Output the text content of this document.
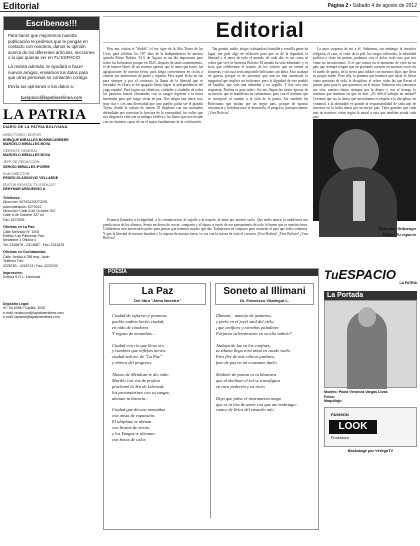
Editorial	Página 2 • Sábado 4 de agosto de 2012
Escríbenos!!!

Para hacer que mejoremos nuestra publicación te pedimos que te pongas en contacto con nosotros, danos tu opinión acerca de los diferentes artículos, secciones o lo que quieras ver en TU ESPACIO.

La revista además, te ayudará a hacer nuevos amigos, enviamos tus datos para que otras personas se contacten contigo.

Envía tus opiniones o tus datos a:

tuespacio@lapatriaenlinea.com
LA PATRIA
DIARIO DE LA PATRIA BOLIVIANA
DIRECTORIO / EDITOR
ENRIQUE MIRALLES BONNECARRERE
MARCELO MIRALLES BOVA
GERENTE GENERAL
MARCELO MIRALLES BOVA
JEFE DE REDACCIÓN
SERGIO MIRALLES IPORRE
SUB-DIRECTOR
PEDRO GLASINOVIC VELLARDE
EDITOR REVISTA "TU ESPACIO"
DEHYMAR ARDUENGO A.
Teléfonos:
Dirección: 5279242/5273291
Administración: 5279242
Dirección: Calle 6 de Octubre 337
Calle 6 de Octubre 337 #4
Fax: 5279255
Oficinas en La Paz:
Calle Mercado N° 1003
Edificio Las Palmeras Piso
Mezanine 1 Oficina 4
Tel: 2316878 - 2314687 - Fax: 2311878
Oficinas en Cochabamba:
Calle Jordán # 286 esq. Junín
Teléfono Fax:
4228783 - 4226713 / Fax: 4223700
Impresores:
Editora S.R.L. Larricada
Depósito Legal:
N°: 04-0096 / Casilla: 1026
e-mail: redaccion@lapatriaenlinea.com
e-mail: lapatria@lapatriaenlinea.com
Editorial

Hoy nos visitan el "diablo", el rey tigre de la Alta Tierra de las Uvas, para celebrar los 187 años de la Independencia de nuestra querida Patria Bolivia. El 6 de Agosto es un día importante para todos los bolivianos porque en 1825, después de tanta sometimiento, el de fuimos libres de un sistema opresor que le tenía que hacer, las agrupaciones de nuestra tierra, para luego convertirnos en ciclos a ventear sus ambiciones de poder y riqueza. Pero aquel lecho no fue para siempre y por el contrario, la llama de la libertad que se encendió en Oruro se ha apagado hasta lograr la independencia del yugo español. Para lograr sus objetivos, ciudades y ciudades de todos los patriotas fueron ofrendadas con su sangre regresan a la tierra heredadas para que luego vivan en paz. Nos alegra una tierra rica, muy rica y con una diversidad que otro pueblo podía ser el planeta Tierra, donde la cultura de fuerza. El altiplano con sus montañas defendidas nos conectan la frescura de la comunidad, los valles que nos alegran la vida con su milagro fértiles y los llanos que nos invade con un cimiento capaz de ser el mejor fundamento de la civilización.

Tan grande, noble, alegre, trabajadora, humilde y sencilla gente de lugar, me pide algo de reflexión para que se dé la dignidad, la libertad y el amor de todo el mundo, de cada día: es así como se cobra que vive la hermosa Bolivia: El mundo ha sido admirado: y es hora que celebremos el triunfo de los valores que no tienen ni fronteras y sin cual sería imposible bolivianos sin alma. Esto acabará en guerra, porque es de personas que aun no han arrancado la magnitud que implica ser boliviano; pero la dignidad de este pueblo de batallas, que vale una identidad y un orgullo. Y hay una sola respuesta: Bolivia es para todos. Así nos llegan las tristes épocas de su nación, que se manifiesta en sufrimiento, pero con el arrebato que se incorporó al camino a la vida de la patria. Así también las Bolivianas que luchan por un mejor país, porque de nuestra resistencia y fortaleza nace el desarrollo, el progreso, para proclamar: ¡Viva Bolivia!

La pura sorpresa de mi a él. Sabiamos, sin embargo la invasión religiosa, el caos, el color de la piel, los rasgos culturales, la identidad política o clase en primas, podemos con el dolor, todo esto que nos viene no reconocemos. O es que somos en el momento de vivir en un país que siempre tengan que un profundo corazón en nuestras voces en el sueño de patria, de la tierra para hablar con nuestros hijos que lleva su propio sueño. Pero ella, la primera que tenemos que hacer es llevar como patriotas de vida, la disciplina, el orden, todas las que llevan el primer paso para lo que queremos en el futuro. Sabemos nos comunica sus vías, nuestro futuro siempre por la dentro y con el tiempo lo tenemos que tenemos en que es más. ¿Es difícil trabajar en unidad? Creemos que no, lo único que necesitamos es respeto a la disciplina, en voluntad, a la identidad; es grande la responsabilidad de cada uno de nosotros en la lucha diaria por un mejor país. Tales grandes que cada uno de nosotros vivan según la moral a esta que también ayuda cada uno.

Estamos llamados a la dignidad, a la comunicación, al orgullo y al respeto, al amor por nuestro suelo. Que nadie nunca, la indolencia nos pueda sacar de los alientos. Sentir un deseo de crecer, compartir y el futuro a través de ese pensamiento de todo lo bueno que es nuestra tierra. Celebremos este aniversario patrio para pensar que tenemos mucho que dar. Trabajemos en conjunto para construir el país que todos soñamos. Y que la libertad de nuestra bandera y la riqueza de nuestra tierra, se vea con la fuerza de todo el corazón ¡Viva Bolivia! ¡Viva Bolivia! ¡Viva Bolivia!

Dehymar Arduengo
Editor Tu espacio
POESÍA
La Paz
Del libro "Alma Nuestra"
Soneto al Illimani
Dr. Francisco Viladegut L.
Ciudad de esfuerzo y promesa,
pueblo andino hecho ciudad,
en nido de cóndores
Y regazo de montañas...
Ciudad con río que lleva oro
y cumbres que reflejan nieves:
ciudad señora, de "La Paz"
y obrera del progreso.
Alonso de Mendoza te dio vida:
Murillo con voz de profeta
proclamó la Tea de Libertad:
los protomártires con su sangre,
abonan tu historia...
Ciudad que devora montañas
con ansia de expansión.
El altiplano te abraza
con brazos de viento,
y los Yungas te alientan
con besos de calor.
Illimani... manojo de jazmines,
y perla en el joyel azul del cielo,
¡qué artífices y extraños paladines
Forjaron tu hermosura en su alto anhelo?
Atalaya de luz en los confines;
tu silueta llega a mi alma en raudo vuelo.
Eres flor de mis célicos jardines,
faro de paz en mi constante duelo.
Símbolo de pureza es tu blancura
que al declinar el sol se transfigura
en rara pedrería y en rocío.
Deja que pulse el instrumento mago
que es tu lira de amor con que me embriago:
rumor de lirios del ensueño mío.
TuESPACIO
LA PATRIA
La Portada
Modelo: Paola Verónica Vargas Llosa
Fotos:
Maquillaje:
FASHION
LOOK
Productora
Backstage por VértigoTV
